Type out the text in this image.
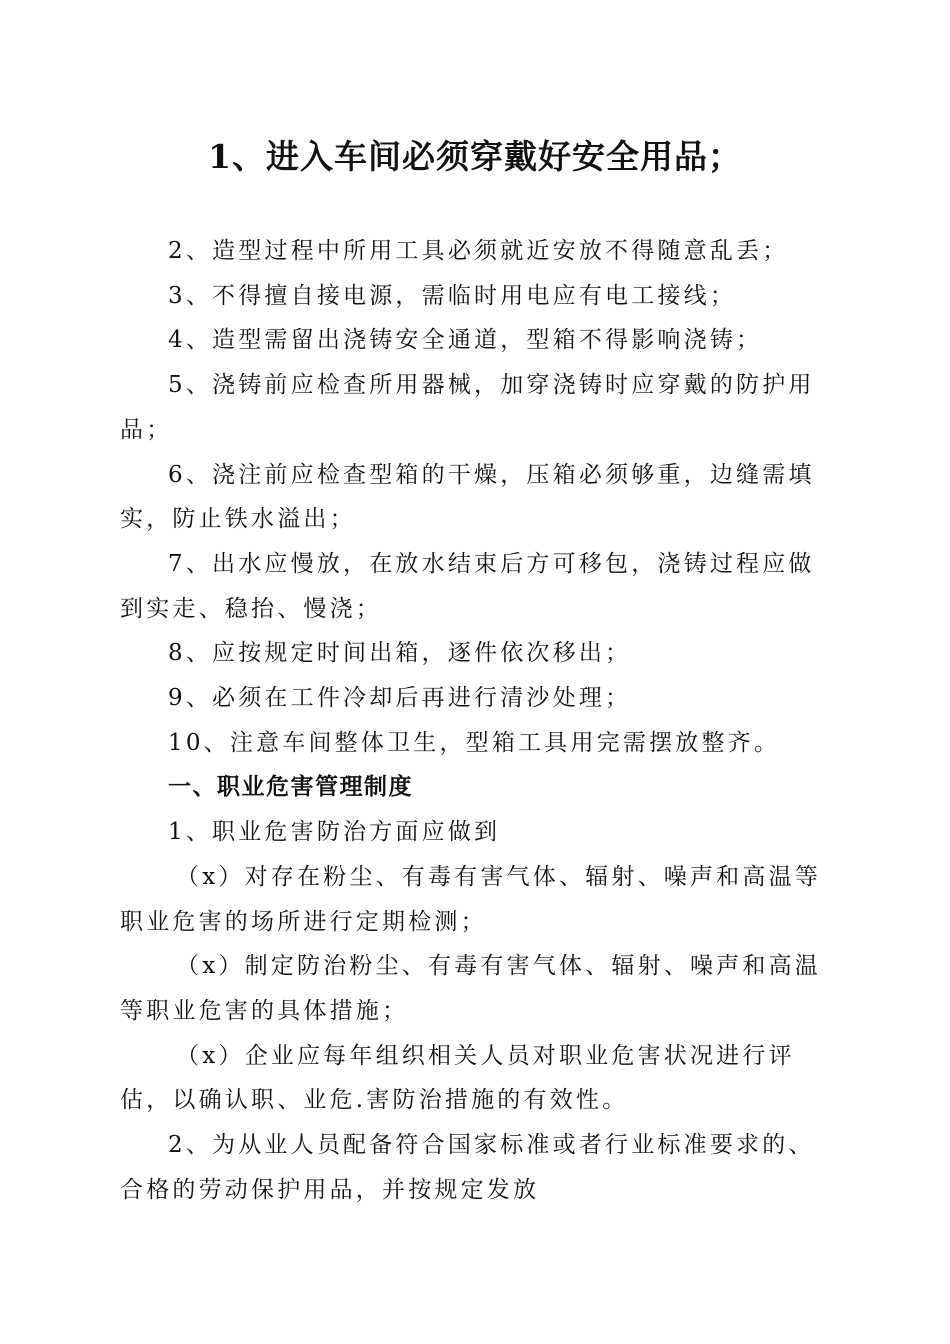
1、进入车间必须穿戴好安全用品；

2、造型过程中所用工具必须就近安放不得随意乱丢；

3、不得擅自接电源，需临时用电应有电工接线；

4、造型需留出浇铸安全通道，型箱不得影响浇铸；

5、浇铸前应检查所用器械，加穿浇铸时应穿戴的防护用品；

6、浇注前应检查型箱的干燥，压箱必须够重，边缝需填实，防止铁水溢出；

7、出水应慢放，在放水结束后方可移包，浇铸过程应做到实走、稳抬、慢浇；

8、应按规定时间出箱，逐件依次移出；

9、必须在工件冷却后再进行清沙处理；

10、注意车间整体卫生，型箱工具用完需摆放整齐。

一、职业危害管理制度

1、职业危害防治方面应做到

（x）对存在粉尘、有毒有害气体、辐射、噪声和高温等职业危害的场所进行定期检测；

（x）制定防治粉尘、有毒有害气体、辐射、噪声和高温等职业危害的具体措施；

（x）企业应每年组织相关人员对职业危害状况进行评估，以确认职、业危.害防治措施的有效性。

2、为从业人员配备符合国家标准或者行业标准要求的、合格的劳动保护用品，并按规定发放
